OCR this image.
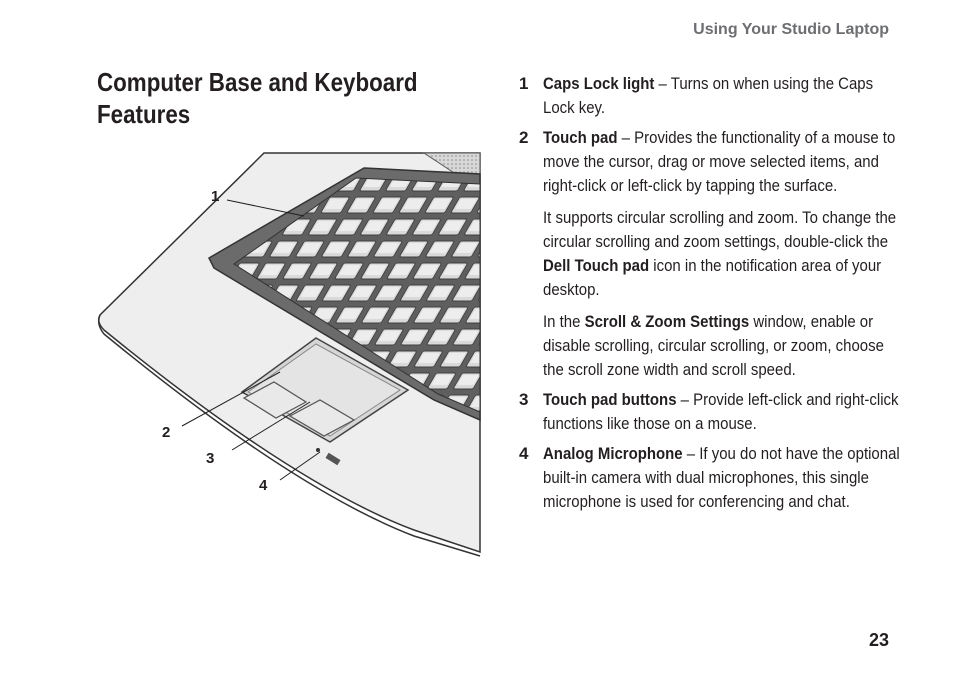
Using Your Studio Laptop
Computer Base and Keyboard Features
1
2
3
4
1 Caps Lock light – Turns on when using the Caps Lock key.
2 Touch pad – Provides the functionality of a mouse to move the cursor, drag or move selected items, and right-click or left-click by tapping the surface.
It supports circular scrolling and zoom. To change the circular scrolling and zoom settings, double-click the Dell Touch pad icon in the notification area of your desktop.
In the Scroll & Zoom Settings window, enable or disable scrolling, circular scrolling, or zoom, choose the scroll zone width and scroll speed.
3 Touch pad buttons – Provide left-click and right-click functions like those on a mouse.
4 Analog Microphone – If you do not have the optional built-in camera with dual microphones, this single microphone is used for conferencing and chat.
23
